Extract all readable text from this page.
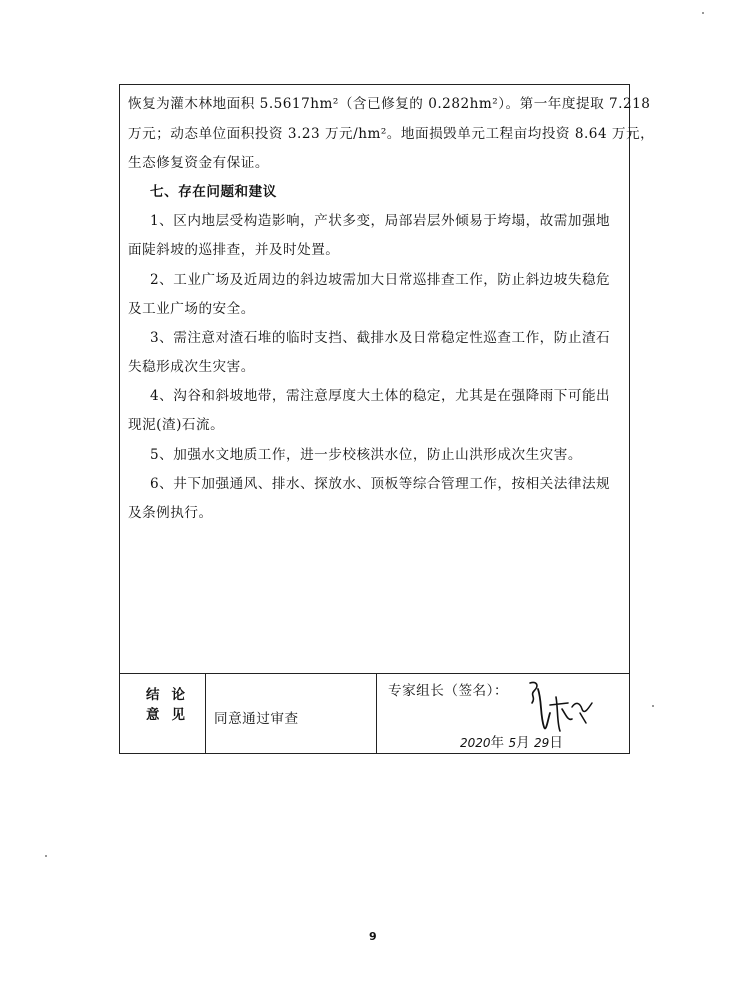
恢复为灌木林地面积 5.5617hm²（含已修复的 0.282hm²）。第一年度提取 7.218
万元；动态单位面积投资 3.23 万元/hm²。地面损毁单元工程亩均投资 8.64 万元，
生态修复资金有保证。
七、存在问题和建议
1、区内地层受构造影响，产状多变，局部岩层外倾易于垮塌，故需加强地
面陡斜坡的巡排查，并及时处置。
2、工业广场及近周边的斜边坡需加大日常巡排查工作，防止斜边坡失稳危
及工业广场的安全。
3、需注意对渣石堆的临时支挡、截排水及日常稳定性巡查工作，防止渣石
失稳形成次生灾害。
4、沟谷和斜坡地带，需注意厚度大土体的稳定，尤其是在强降雨下可能出
现泥(渣)石流。
5、加强水文地质工作，进一步校核洪水位，防止山洪形成次生灾害。
6、井下加强通风、排水、探放水、顶板等综合管理工作，按相关法律法规
及条例执行。
结论
意见 同意通过审查
专家组长（签名）：
2020年 5月 29日
9
